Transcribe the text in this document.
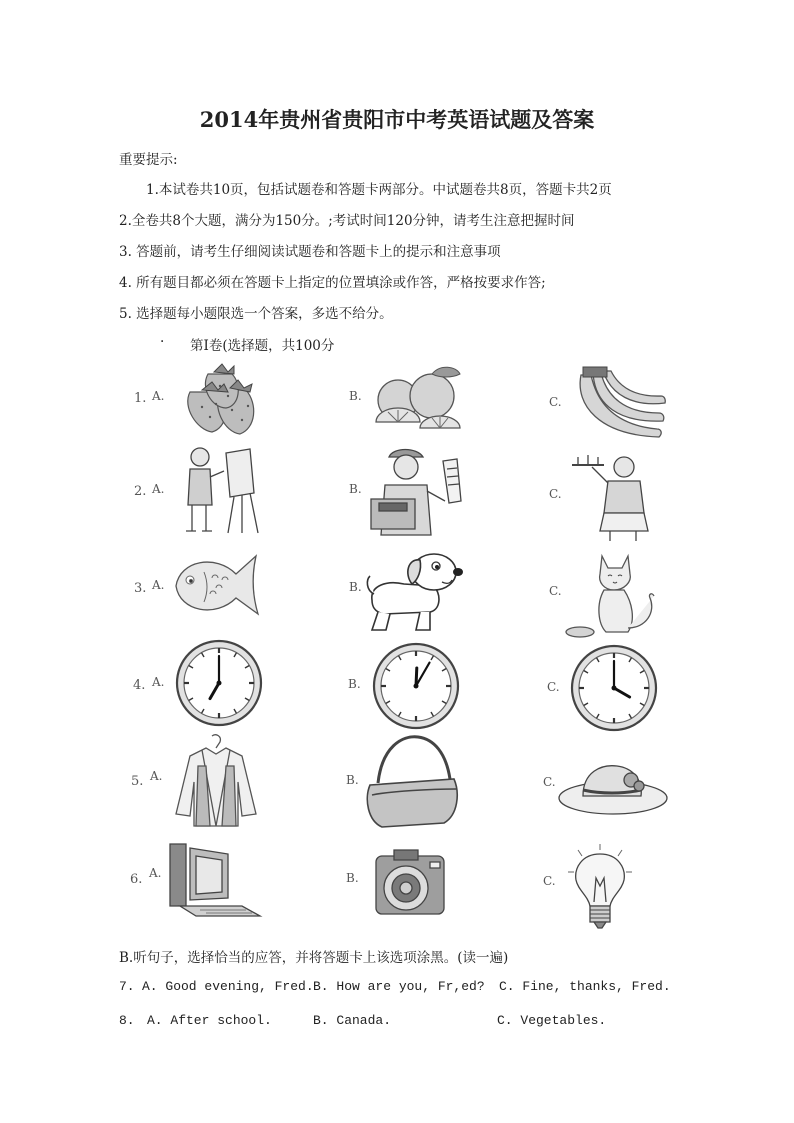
2014年贵州省贵阳市中考英语试题及答案
重要提示:
1.本试卷共10页，包括试题卷和答题卡两部分。中试题卷共8页，答题卡共2页
2.全卷共8个大题，满分为150分。;考试时间120分钟，请考生注意把握时间
3. 答题前，请考生仔细阅读试题卷和答题卡上的提示和注意事项
4. 所有题目都必须在答题卡上指定的位置填涂或作答，严格按要求作答;
5. 选择题每小题限选一个答案，多选不给分。
. 第Ⅰ卷(选择题，共100分
1. A.	B.	C.
2. A.	B.	C.
3. A.	B.	C.
4. A.	B.	C.
5. A.	B.	C.
6. A.	B.	C.
B.听句子，选择恰当的应答，并将答题卡上该选项涂黑。(读一遍)
7. A. Good evening, Fred. B. How are you, Fr,ed? C. Fine, thanks, Fred.
8. A. After school.	B. Canada.	C. Vegetables.
